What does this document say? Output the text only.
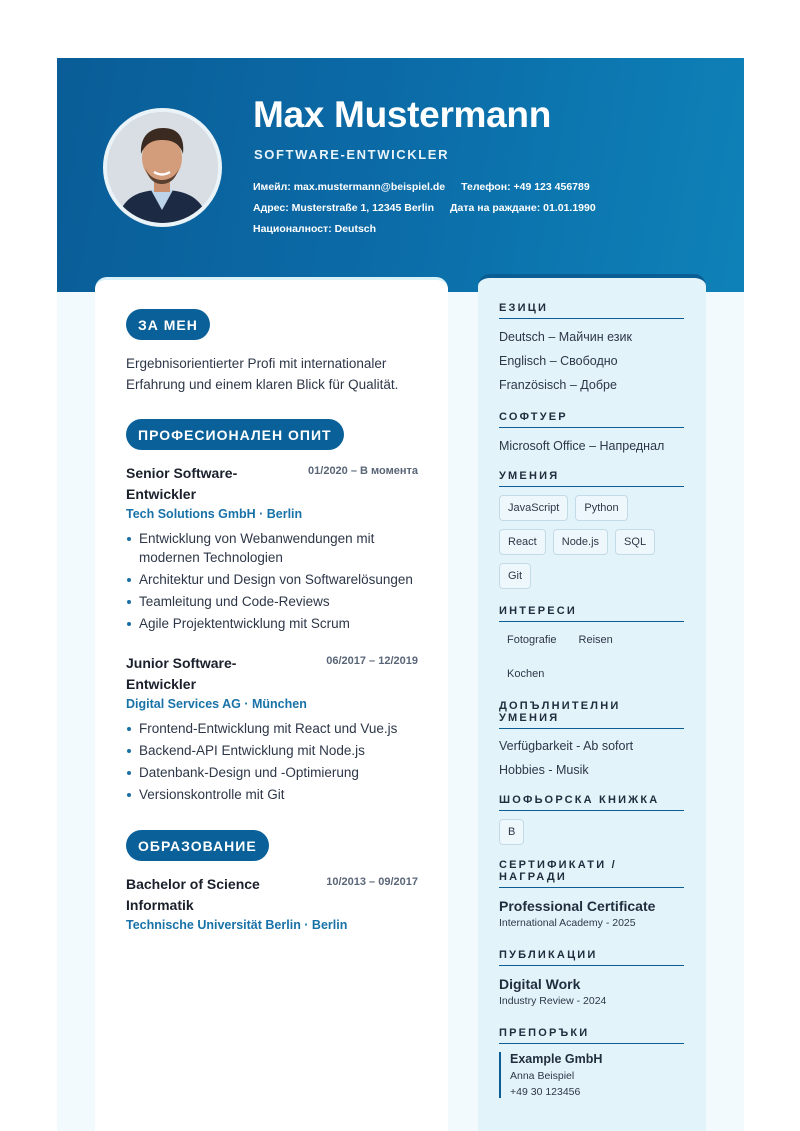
Max Mustermann
SOFTWARE-ENTWICKLER
Имейл: max.mustermann@beispiel.de Телефон: +49 123 456789
Адрес: Musterstraße 1, 12345 Berlin Дата на раждане: 01.01.1990
Националност: Deutsch
ЗА МЕН
Ergebnisorientierter Profi mit internationaler Erfahrung und einem klaren Blick für Qualität.
ПРОФЕСИОНАЛЕН ОПИТ
Senior Software-Entwickler
01/2020 – В момента
Tech Solutions GmbH · Berlin
Entwicklung von Webanwendungen mit modernen Technologien
Architektur und Design von Softwarelösungen
Teamleitung und Code-Reviews
Agile Projektentwicklung mit Scrum
Junior Software-Entwickler
06/2017 – 12/2019
Digital Services AG · München
Frontend-Entwicklung mit React und Vue.js
Backend-API Entwicklung mit Node.js
Datenbank-Design und -Optimierung
Versionskontrolle mit Git
ОБРАЗОВАНИЕ
Bachelor of Science Informatik
10/2013 – 09/2017
Technische Universität Berlin · Berlin
ЕЗИЦИ
Deutsch – Майчин език
Englisch – Свободно
Französisch – Добре
СОФТУЕР
Microsoft Office – Напреднал
УМЕНИЯ
JavaScript	Python
React	Node.js	SQL
Git
ИНТЕРЕСИ
Fotografie	Reisen
Kochen
ДОПЪЛНИТЕЛНИ УМЕНИЯ
Verfügbarkeit - Ab sofort
Hobbies - Musik
ШОФЬОРСКА КНИЖКА
B
СЕРТИФИКАТИ / НАГРАДИ
Professional Certificate
International Academy - 2025
ПУБЛИКАЦИИ
Digital Work
Industry Review - 2024
ПРЕПОРЪКИ
Example GmbH
Anna Beispiel
+49 30 123456
